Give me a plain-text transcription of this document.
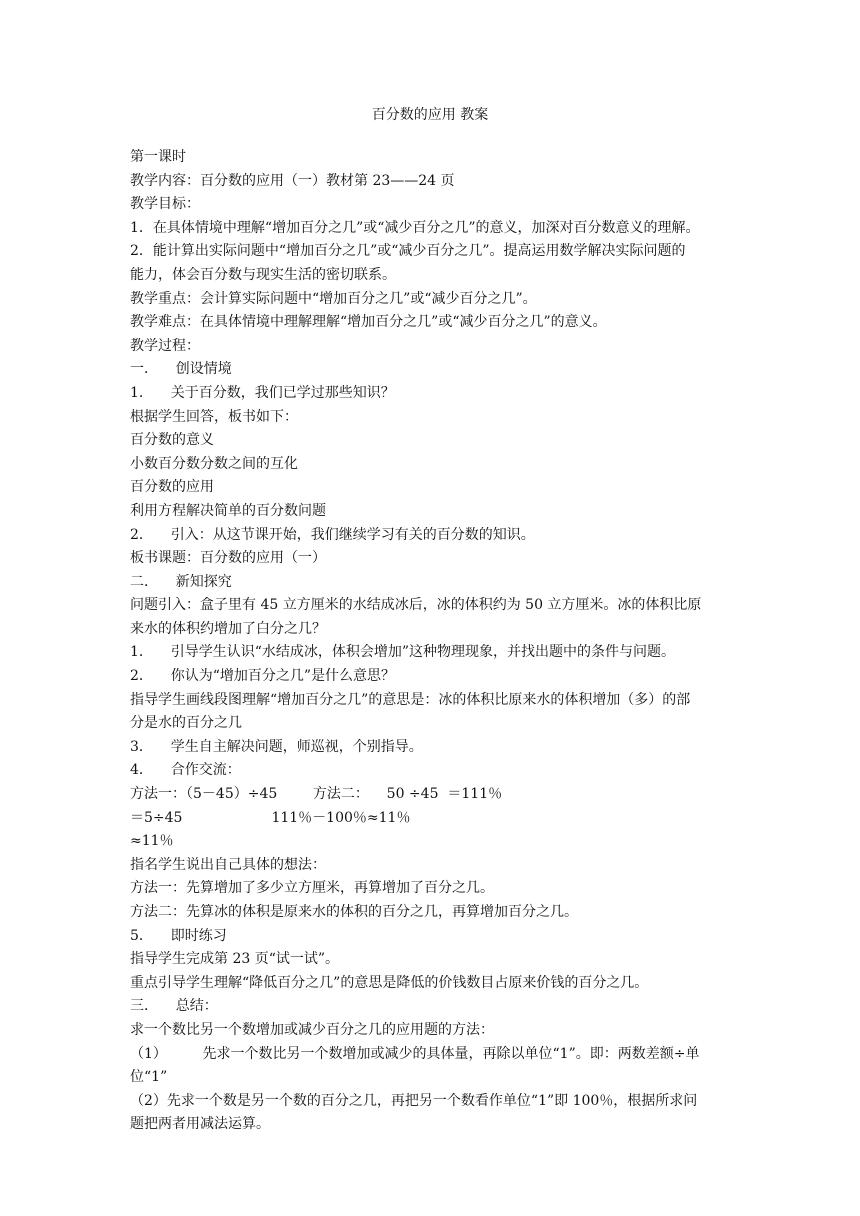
百分数的应用 教案

第一课时

教学内容：百分数的应用（一）教材第 23——24 页

教学目标：

1．在具体情境中理解“增加百分之几”或“减少百分之几”的意义，加深对百分数意义的理解。

2．能计算出实际问题中“增加百分之几”或“减少百分之几”。提高运用数学解决实际问题的

能力，体会百分数与现实生活的密切联系。

教学重点：会计算实际问题中“增加百分之几”或“减少百分之几”。

教学难点：在具体情境中理解理解“增加百分之几”或“减少百分之几”的意义。

教学过程：

一．    创设情境

1．    关于百分数，我们已学过那些知识？

根据学生回答，板书如下：

百分数的意义

小数百分数分数之间的互化

百分数的应用

利用方程解决简单的百分数问题

2．    引入：从这节课开始，我们继续学习有关的百分数的知识。

板书课题：百分数的应用（一）

二．    新知探究

问题引入：盒子里有 45 立方厘米的水结成冰后，冰的体积约为 50 立方厘米。冰的体积比原

来水的体积约增加了白分之几？

1．    引导学生认识“水结成冰，体积会增加”这种物理现象，并找出题中的条件与问题。

2．    你认为“增加百分之几”是什么意思？

指导学生画线段图理解“增加百分之几”的意思是：冰的体积比原来水的体积增加（多）的部

分是水的百分之几

3．    学生自主解决问题，师巡视，个别指导。

4．    合作交流：

方法一：（5－45）÷45        方法二：    50 ÷45  ＝111％

＝5÷45                    111％－100％≈11％

≈11％

指名学生说出自己具体的想法：

方法一：先算增加了多少立方厘米，再算增加了百分之几。

方法二：先算冰的体积是原来水的体积的百分之几，再算增加百分之几。

5．    即时练习

指导学生完成第 23 页“试一试”。

重点引导学生理解“降低百分之几”的意思是降低的价钱数目占原来价钱的百分之几。

三．    总结：

求一个数比另一个数增加或减少百分之几的应用题的方法：

（1）        先求一个数比另一个数增加或减少的具体量，再除以单位“1”。即：两数差额÷单

位“1”

（2）先求一个数是另一个数的百分之几，再把另一个数看作单位“1”即 100％，根据所求问

题把两者用减法运算。
